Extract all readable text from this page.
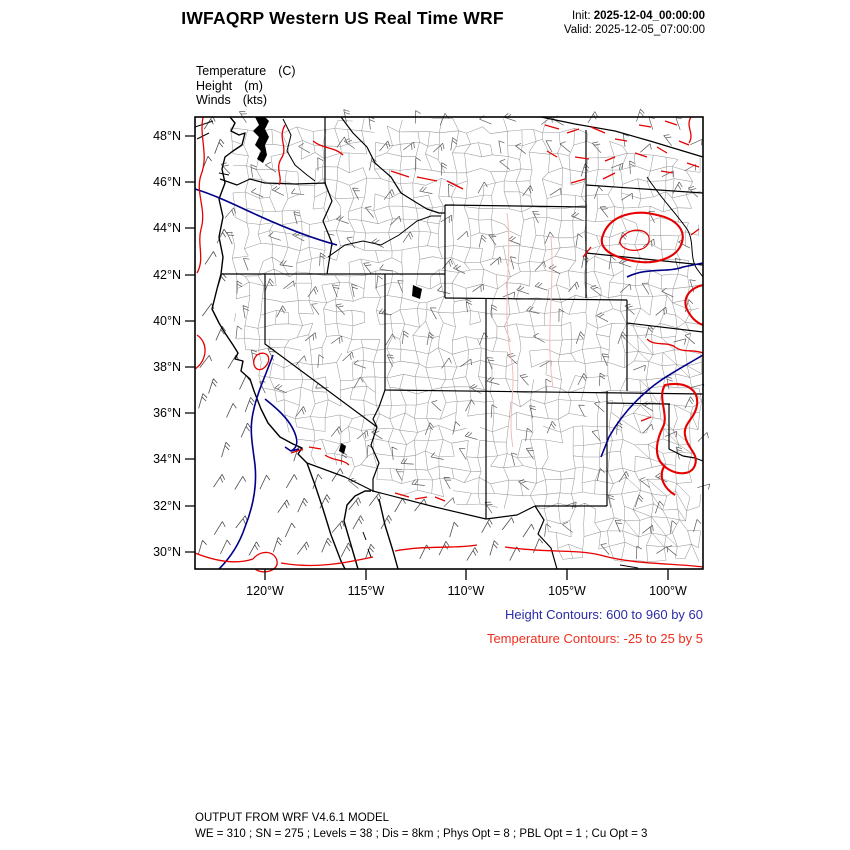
IWFAQRP Western US Real Time WRF	Init: 2025-12-04_00:00:00
Valid: 2025-12-05_07:00:00
Temperature (C)
Height (m)
Winds (kts)
48°N
46°N
44°N
42°N
40°N
38°N
36°N
34°N
32°N
30°N
120°W	115°W	110°W	105°W	100°W
Height Contours: 600 to 960 by 60
Temperature Contours: -25 to 25 by 5
OUTPUT FROM WRF V4.6.1 MODEL
WE = 310 ; SN = 275 ; Levels = 38 ; Dis = 8km ; Phys Opt = 8 ; PBL Opt = 1 ; Cu Opt = 3
